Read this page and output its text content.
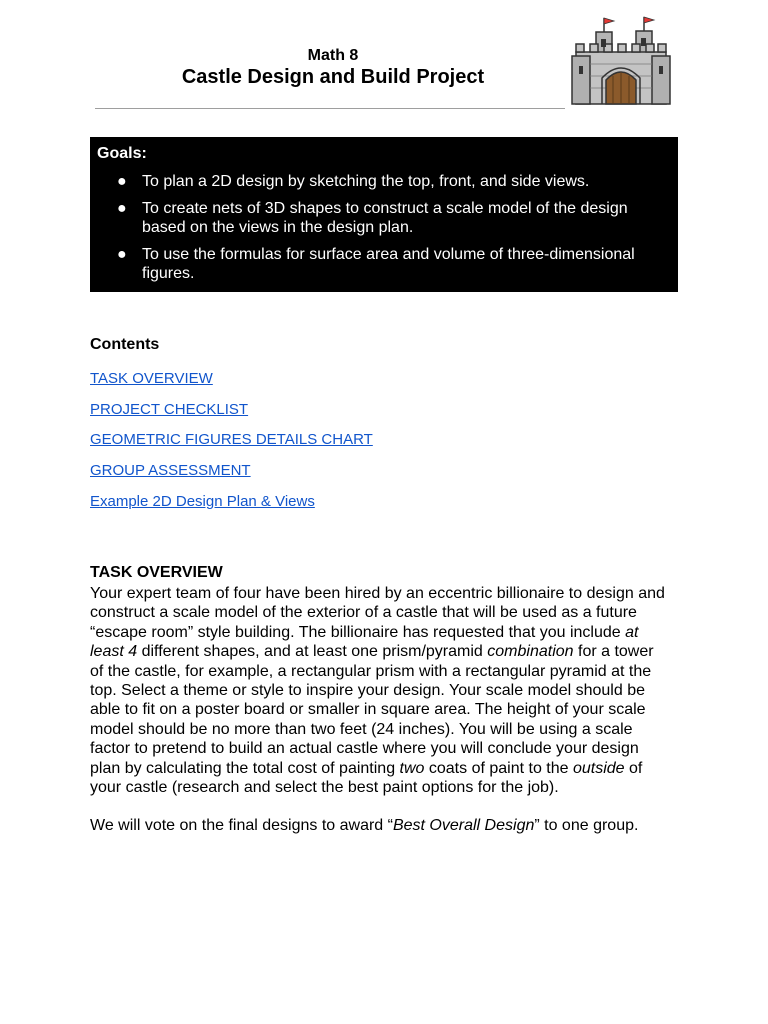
Math 8
Castle Design and Build Project
Goals:
● To plan a 2D design by sketching the top, front, and side views.
● To create nets of 3D shapes to construct a scale model of the design
based on the views in the design plan.
● To use the formulas for surface area and volume of three-dimensional
figures.
Contents
TASK OVERVIEW
PROJECT CHECKLIST
GEOMETRIC FIGURES DETAILS CHART
GROUP ASSESSMENT
Example 2D Design Plan & Views
TASK OVERVIEW
Your expert team of four have been hired by an eccentric billionaire to design and
construct a scale model of the exterior of a castle that will be used as a future
“escape room” style building. The billionaire has requested that you include at
least 4 different shapes, and at least one prism/pyramid combination for a tower
of the castle, for example, a rectangular prism with a rectangular pyramid at the
top. Select a theme or style to inspire your design. Your scale model should be
able to fit on a poster board or smaller in square area. The height of your scale
model should be no more than two feet (24 inches). You will be using a scale
factor to pretend to build an actual castle where you will conclude your design
plan by calculating the total cost of painting two coats of paint to the outside of
your castle (research and select the best paint options for the job).
We will vote on the final designs to award “Best Overall Design” to one group.
